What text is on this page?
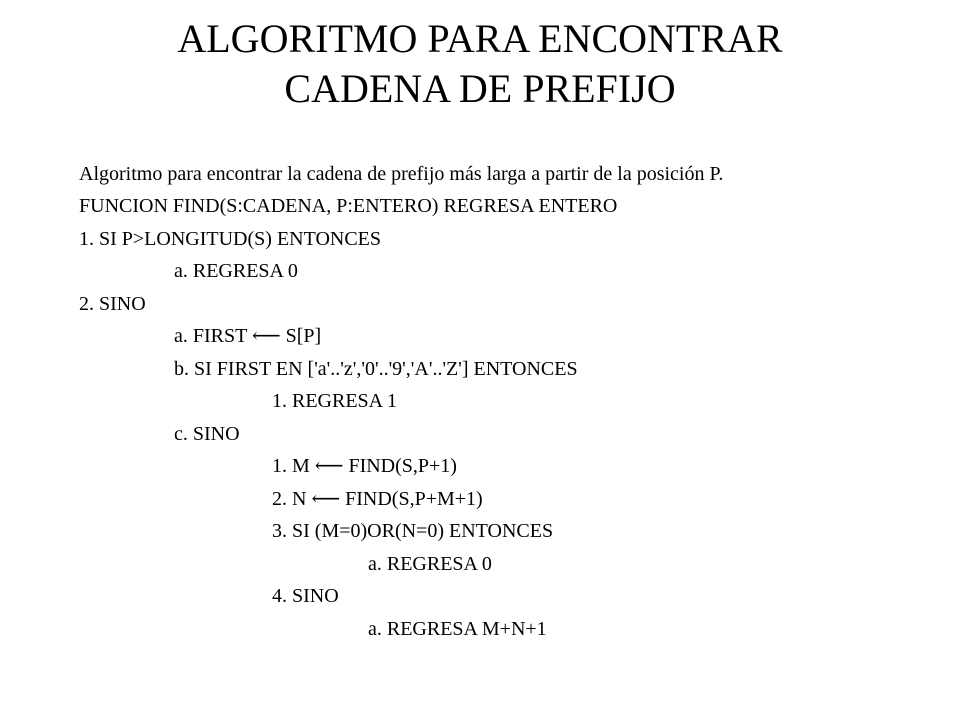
ALGORITMO PARA ENCONTRAR
CADENA DE PREFIJO

Algoritmo para encontrar la cadena de prefijo más larga a partir de la posición P.

FUNCION FIND(S:CADENA, P:ENTERO) REGRESA ENTERO
1. SI P>LONGITUD(S) ENTONCES
a. REGRESA 0
2. SINO
a. FIRST ⟵ S[P]
b. SI FIRST EN ['a'..'z','0'..'9','A'..'Z'] ENTONCES
1. REGRESA 1
c. SINO
1. M ⟵ FIND(S,P+1)
2. N ⟵ FIND(S,P+M+1)
3. SI (M=0)OR(N=0) ENTONCES
a. REGRESA 0
4. SINO
a. REGRESA M+N+1
